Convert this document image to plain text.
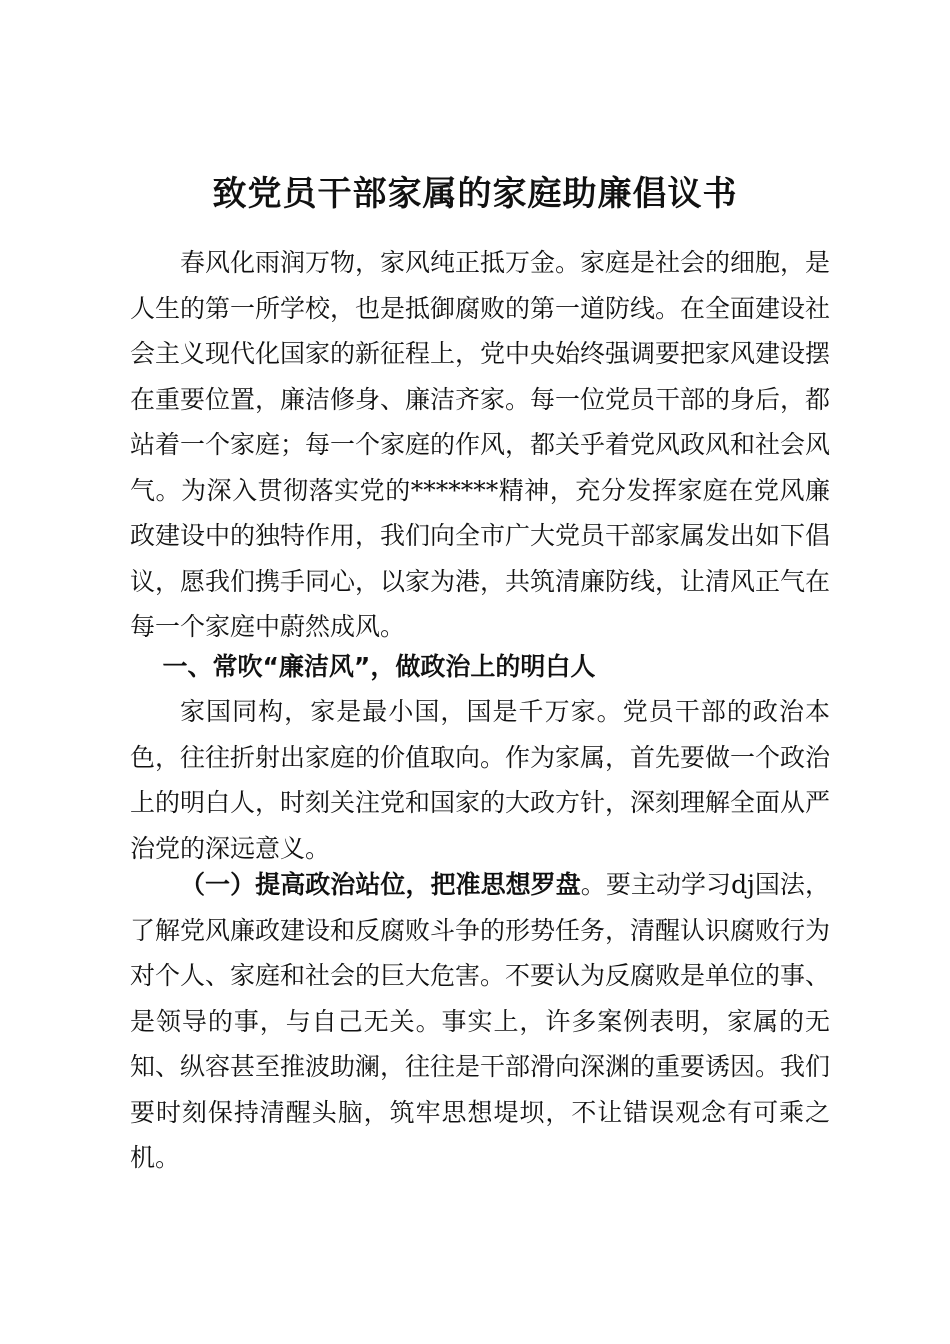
致党员干部家属的家庭助廉倡议书

春风化雨润万物，家风纯正抵万金。家庭是社会的细胞，是人生的第一所学校，也是抵御腐败的第一道防线。在全面建设社会主义现代化国家的新征程上，党中央始终强调要把家风建设摆在重要位置，廉洁修身、廉洁齐家。每一位党员干部的身后，都站着一个家庭；每一个家庭的作风，都关乎着党风政风和社会风气。为深入贯彻落实党的*******精神，充分发挥家庭在党风廉政建设中的独特作用，我们向全市广大党员干部家属发出如下倡议，愿我们携手同心，以家为港，共筑清廉防线，让清风正气在每一个家庭中蔚然成风。

一、常吹“廉洁风”，做政治上的明白人

家国同构，家是最小国，国是千万家。党员干部的政治本色，往往折射出家庭的价值取向。作为家属，首先要做一个政治上的明白人，时刻关注党和国家的大政方针，深刻理解全面从严治党的深远意义。

（一）提高政治站位，把准思想罗盘。要主动学习dj国法，了解党风廉政建设和反腐败斗争的形势任务，清醒认识腐败行为对个人、家庭和社会的巨大危害。不要认为反腐败是单位的事、是领导的事，与自己无关。事实上，许多案例表明，家属的无知、纵容甚至推波助澜，往往是干部滑向深渊的重要诱因。我们要时刻保持清醒头脑，筑牢思想堤坝，不让错误观念有可乘之机。
